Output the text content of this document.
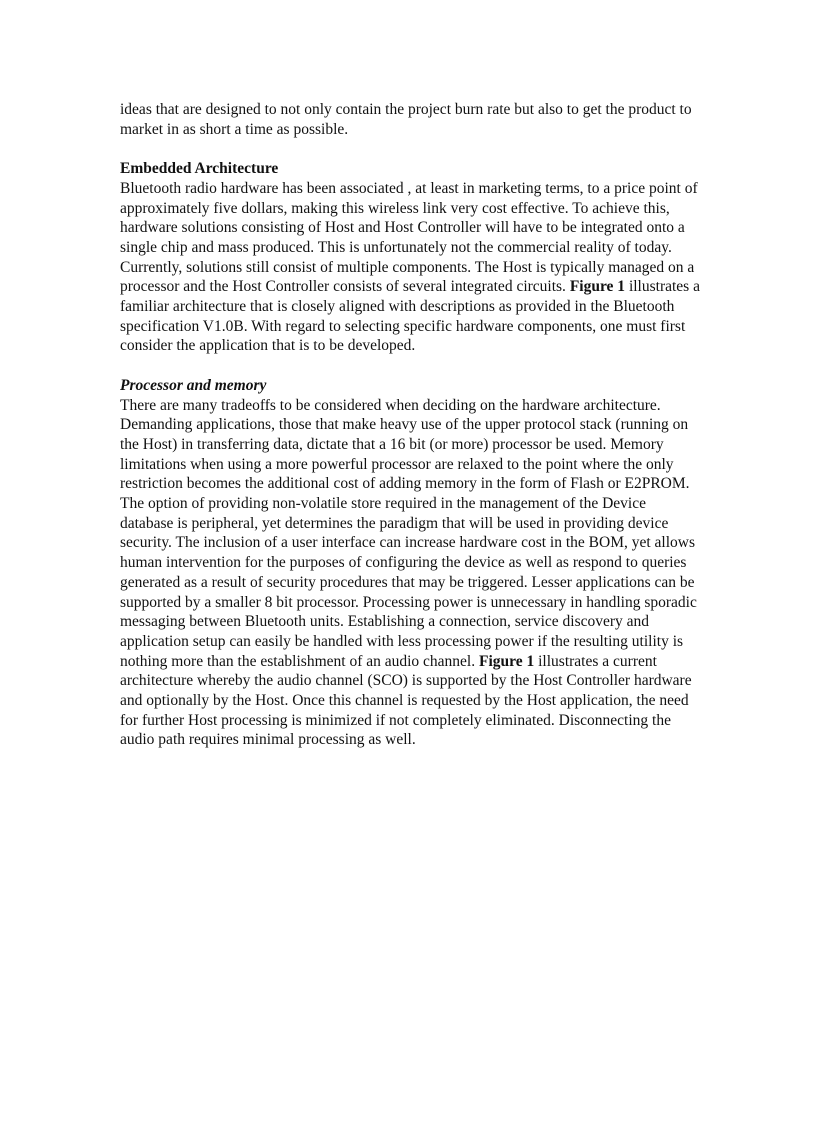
ideas that are designed to not only contain the project burn rate but also to get the product to market in as short a time as possible.

Embedded Architecture

Bluetooth radio hardware has been associated , at least in marketing terms, to a price point of approximately five dollars, making this wireless link very cost effective. To achieve this, hardware solutions consisting of Host and Host Controller will have to be integrated onto a single chip and mass produced. This is unfortunately not the commercial reality of today. Currently, solutions still consist of multiple components. The Host is typically managed on a processor and the Host Controller consists of several integrated circuits. Figure 1 illustrates a familiar architecture that is closely aligned with descriptions as provided in the Bluetooth specification V1.0B. With regard to selecting specific hardware components, one must first consider the application that is to be developed.

Processor and memory

There are many tradeoffs to be considered when deciding on the hardware architecture. Demanding applications, those that make heavy use of the upper protocol stack (running on the Host) in transferring data, dictate that a 16 bit (or more) processor be used. Memory limitations when using a more powerful processor are relaxed to the point where the only restriction becomes the additional cost of adding memory in the form of Flash or E2PROM. The option of providing non-volatile store required in the management of the Device database is peripheral, yet determines the paradigm that will be used in providing device security. The inclusion of a user interface can increase hardware cost in the BOM, yet allows human intervention for the purposes of configuring the device as well as respond to queries generated as a result of security procedures that may be triggered. Lesser applications can be supported by a smaller 8 bit processor. Processing power is unnecessary in handling sporadic messaging between Bluetooth units. Establishing a connection, service discovery and application setup can easily be handled with less processing power if the resulting utility is nothing more than the establishment of an audio channel. Figure 1 illustrates a current architecture whereby the audio channel (SCO) is supported by the Host Controller hardware and optionally by the Host. Once this channel is requested by the Host application, the need for further Host processing is minimized if not completely eliminated. Disconnecting the audio path requires minimal processing as well.
